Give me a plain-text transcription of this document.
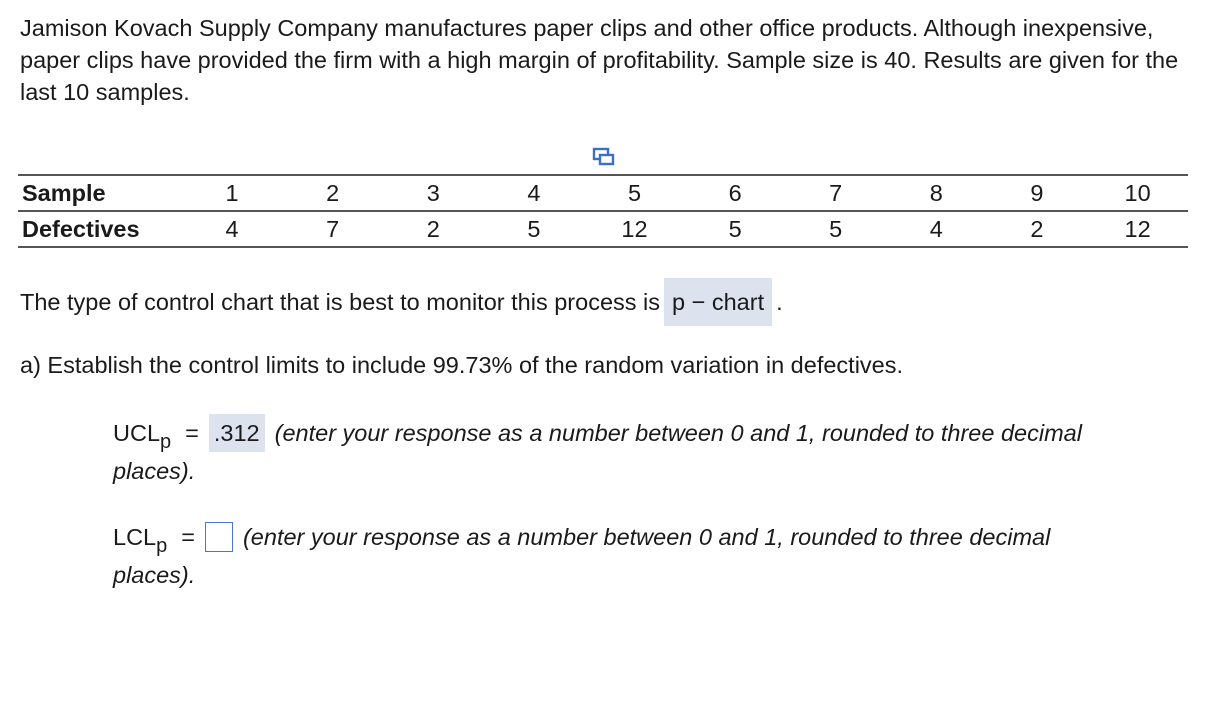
Jamison Kovach Supply Company manufactures paper clips and other office products. Although inexpensive, paper clips have provided the firm with a high margin of profitability. Sample size is 40. Results are given for the last 10 samples.

Sample	1	2	3	4	5	6	7	8	9	10
Defectives	4	7	2	5	12	5	5	4	2	12

The type of control chart that is best to monitor this process is p − chart .

a) Establish the control limits to include 99.73% of the random variation in defectives.

$UCL_p = .312$ (enter your response as a number between 0 and 1, rounded to three decimal
places).
$LCL_p$ = (enter your response as a number between 0 and 1, rounded to three decimal
places).
